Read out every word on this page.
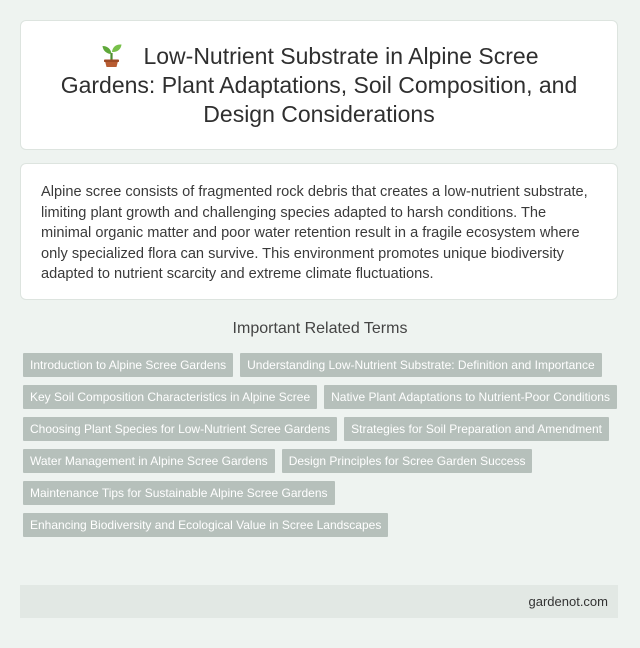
Low-Nutrient Substrate in Alpine Scree Gardens: Plant Adaptations, Soil Composition, and Design Considerations

Alpine scree consists of fragmented rock debris that creates a low-nutrient substrate, limiting plant growth and challenging species adapted to harsh conditions. The minimal organic matter and poor water retention result in a fragile ecosystem where only specialized flora can survive. This environment promotes unique biodiversity adapted to nutrient scarcity and extreme climate fluctuations.

Important Related Terms
Introduction to Alpine Scree Gardens	Understanding Low-Nutrient Substrate: Definition and Importance
Key Soil Composition Characteristics in Alpine Scree	Native Plant Adaptations to Nutrient-Poor Conditions
Choosing Plant Species for Low-Nutrient Scree Gardens	Strategies for Soil Preparation and Amendment
Water Management in Alpine Scree Gardens	Design Principles for Scree Garden Success
Maintenance Tips for Sustainable Alpine Scree Gardens
Enhancing Biodiversity and Ecological Value in Scree Landscapes
gardenot.com
